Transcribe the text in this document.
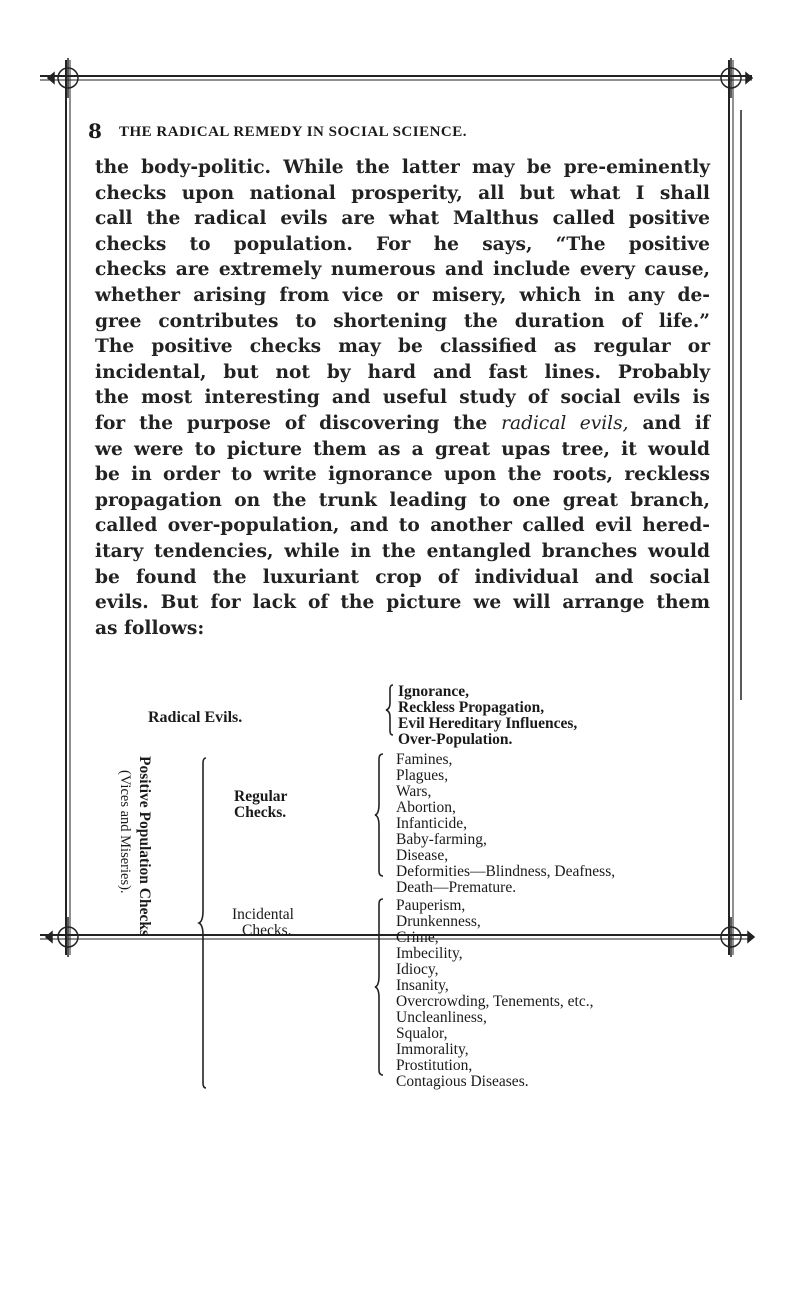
8 THE RADICAL REMEDY IN SOCIAL SCIENCE.

the body-politic. While the latter may be pre-eminently

checks upon national prosperity, all but what I shall

call the radical evils are what Malthus called positive

checks to population. For he says, “The positive

checks are extremely numerous and include every cause,

whether arising from vice or misery, which in any de-

gree contributes to shortening the duration of life.”

The positive checks may be classified as regular or

incidental, but not by hard and fast lines. Probably

the most interesting and useful study of social evils is

for the purpose of discovering the radical evils, and if

we were to picture them as a great upas tree, it would

be in order to write ignorance upon the roots, reckless

propagation on the trunk leading to one great branch,

called over-population, and to another called evil hered-

itary tendencies, while in the entangled branches would

be found the luxuriant crop of individual and social

evils. But for lack of the picture we will arrange them

as follows:

Radical Evils.
Ignorance,
Reckless Propagation,
Evil Hereditary Influences,
Over-Population.
Positive Population Checks
(Vices and Miseries).	Regular
Checks.
Incidental
Checks.
Famines,
Plagues,
Wars,
Abortion,
Infanticide,
Baby-farming,
Disease,
Deformities—Blindness, Deafness,
Death—Premature.
Pauperism,
Drunkenness,
Crime,
Imbecility,
Idiocy,
Insanity,
Overcrowding, Tenements, etc.,
Uncleanliness,
Squalor,
Immorality,
Prostitution,
Contagious Diseases.
